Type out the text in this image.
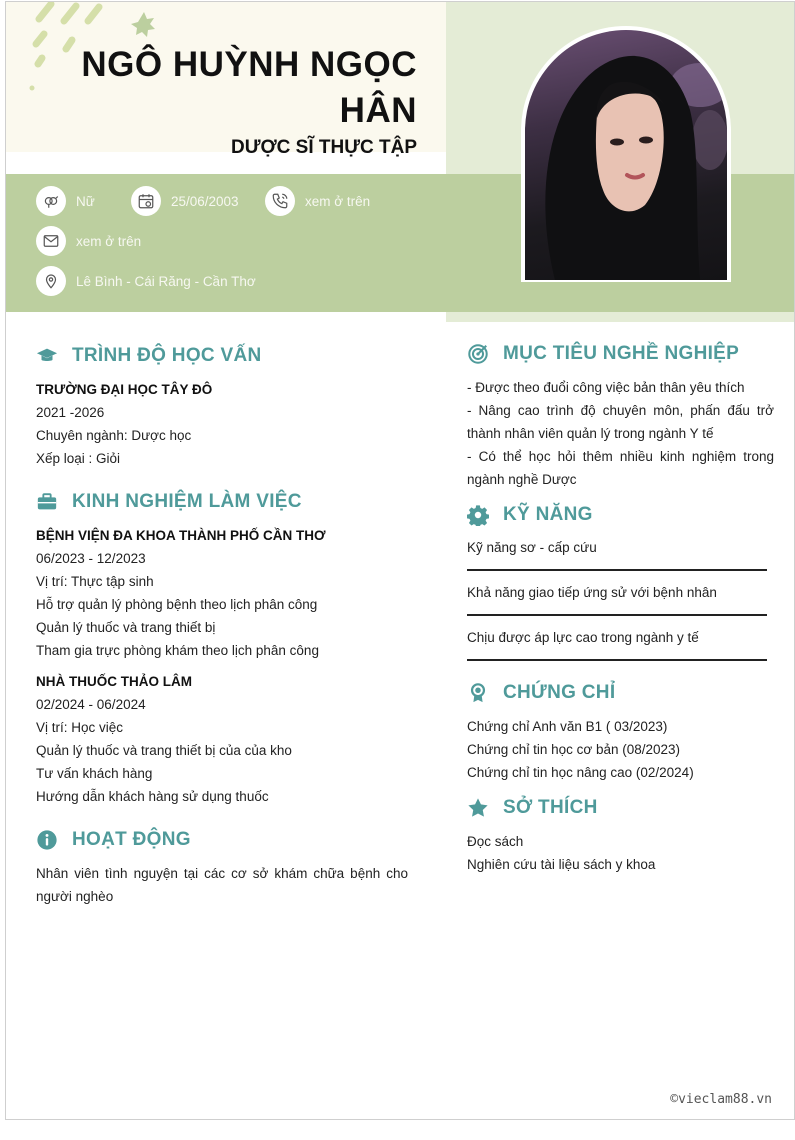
NGÔ HUỲNH NGỌC
HÂN
DƯỢC SĨ THỰC TẬP
Nữ	25/06/2003	xem ở trên
xem ở trên
Lê Bình - Cái Răng - Cần Thơ
TRÌNH ĐỘ HỌC VẤN
TRƯỜNG ĐẠI HỌC TÂY ĐÔ
2021 -2026
Chuyên ngành: Dược học
Xếp loại : Giỏi
KINH NGHIỆM LÀM VIỆC
BỆNH VIỆN ĐA KHOA THÀNH PHỐ CẦN THƠ
06/2023 - 12/2023
Vị trí: Thực tập sinh
Hỗ trợ quản lý phòng bệnh theo lịch phân công
Quản lý thuốc và trang thiết bị
Tham gia trực phòng khám theo lịch phân công
NHÀ THUỐC THẢO LÂM
02/2024 - 06/2024
Vị trí: Học việc
Quản lý thuốc và trang thiết bị của của kho
Tư vấn khách hàng
Hướng dẫn khách hàng sử dụng thuốc
HOẠT ĐỘNG
Nhân viên tình nguyện tại các cơ sở khám chữa bệnh cho người nghèo
MỤC TIÊU NGHỀ NGHIỆP
- Được theo đuổi công việc bản thân yêu thích
- Nâng cao trình độ chuyên môn, phấn đấu trở thành nhân viên quản lý trong ngành Y tế
- Có thể học hỏi thêm nhiều kinh nghiệm trong ngành nghề Dược
KỸ NĂNG
Kỹ năng sơ - cấp cứu
Khả năng giao tiếp ứng sử với bệnh nhân
Chịu được áp lực cao trong ngành y tế
CHỨNG CHỈ
Chứng chỉ Anh văn B1 ( 03/2023)
Chứng chỉ tin học cơ bản (08/2023)
Chứng chỉ tin học nâng cao (02/2024)
SỞ THÍCH
Đọc sách
Nghiên cứu tài liệu sách y khoa
©vieclam88.vn
